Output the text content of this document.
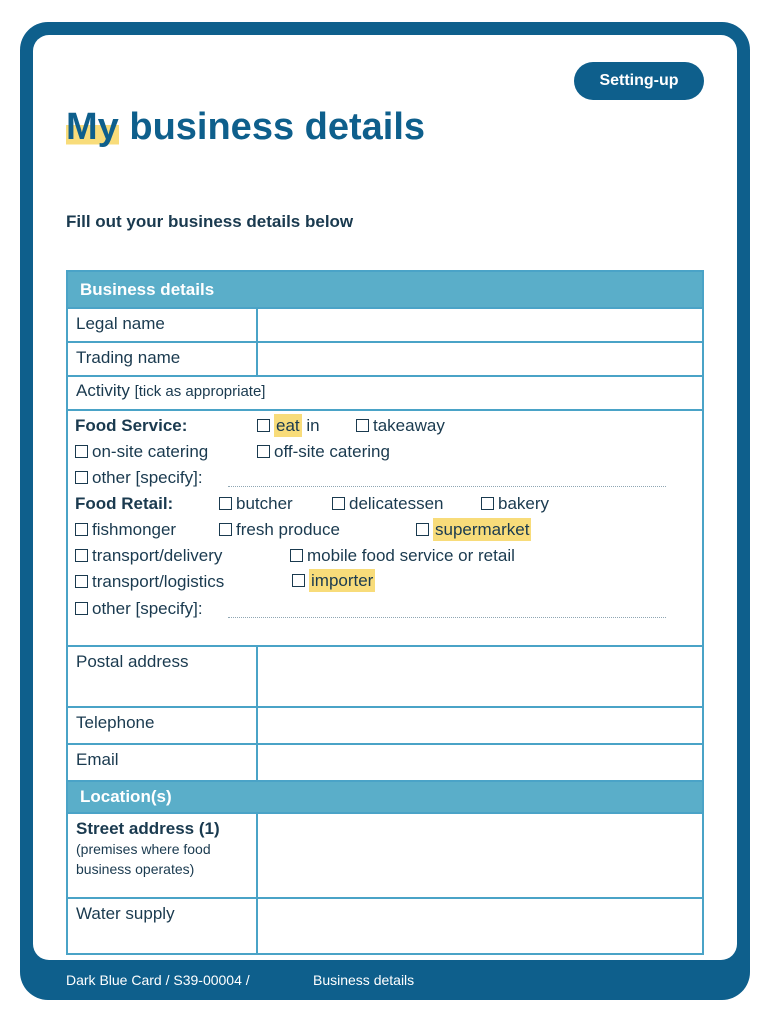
Setting-up
My business details
Fill out your business details below
Business details
Legal name
Trading name
Activity [tick as appropriate]
Food Service:	eat in	takeaway
on-site catering	off-site catering
other [specify]:
Food Retail:	butcher	delicatessen	bakery
fishmonger	fresh produce	supermarket
transport/delivery	mobile food service or retail
transport/logistics	importer
other [specify]:
Postal address
Telephone
Email
Location(s)
Street address (1)
(premises where food business operates)
Water supply
Dark Blue Card / S39-00004 /	Business details
